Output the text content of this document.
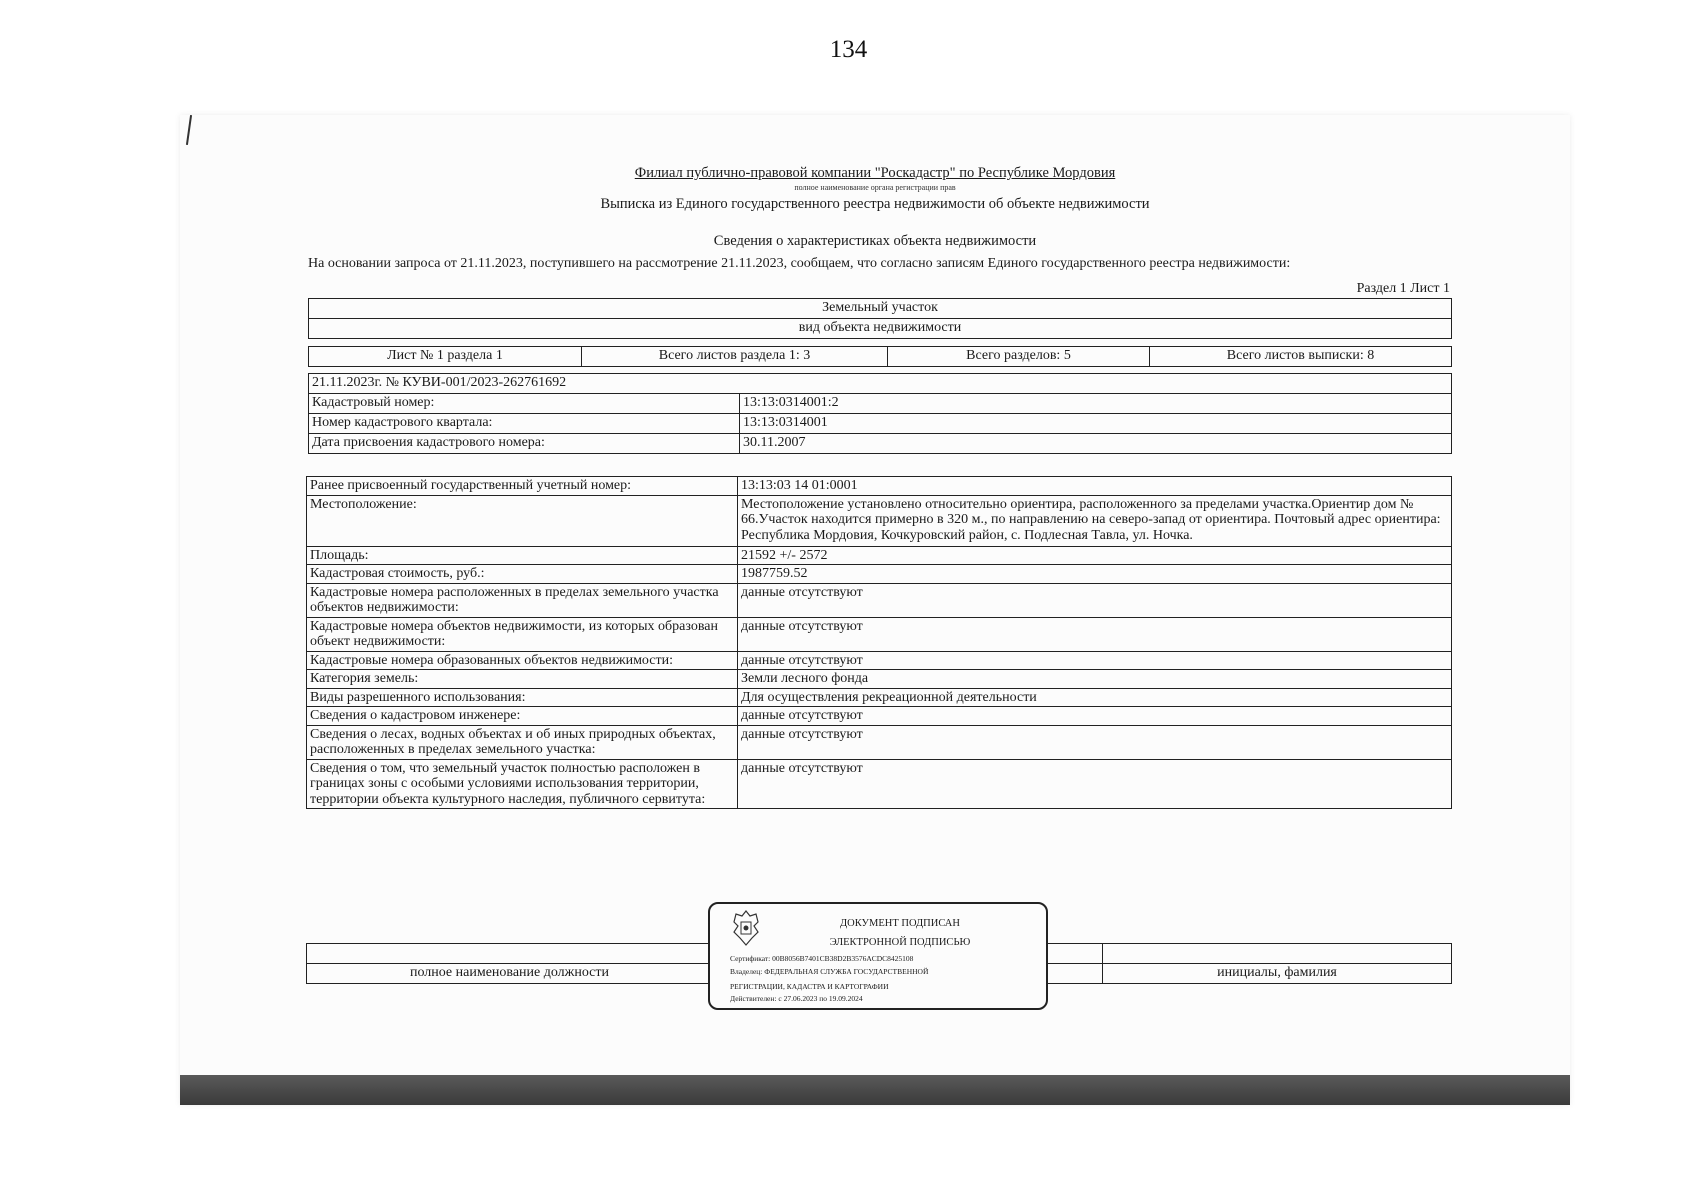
134
Филиал публично-правовой компании "Роскадастр" по Республике Мордовия
полное наименование органа регистрации прав
Выписка из Единого государственного реестра недвижимости об объекте недвижимости
Сведения о характеристиках объекта недвижимости
На основании запроса от 21.11.2023, поступившего на рассмотрение 21.11.2023, сообщаем, что согласно записям Единого государственного реестра недвижимости:
Раздел 1 Лист 1
Земельный участок
вид объекта недвижимости
Лист № 1 раздела 1	Всего листов раздела 1: 3	Всего разделов: 5	Всего листов выписки: 8
21.11.2023г. № КУВИ-001/2023-262761692
Кадастровый номер:	13:13:0314001:2
Номер кадастрового квартала:	13:13:0314001
Дата присвоения кадастрового номера:	30.11.2007
Ранее присвоенный государственный учетный номер:	13:13:03 14 01:0001
Местоположение:	Местоположение установлено относительно ориентира, расположенного за пределами участка.Ориентир дом № 66.Участок находится примерно в 320 м., по направлению на северо-запад от ориентира. Почтовый адрес ориентира: Республика Мордовия, Кочкуровский район, с. Подлесная Тавла, ул. Ночка.
Площадь:	21592 +/- 2572
Кадастровая стоимость, руб.:	1987759.52
Кадастровые номера расположенных в пределах земельного участка объектов недвижимости:
данные отсутствуют
Кадастровые номера объектов недвижимости, из которых образован объект недвижимости:
данные отсутствуют
Кадастровые номера образованных объектов недвижимости:	данные отсутствуют
Категория земель:	Земли лесного фонда
Виды разрешенного использования:	Для осуществления рекреационной деятельности
Сведения о кадастровом инженере:	данные отсутствуют
Сведения о лесах, водных объектах и об иных природных объектах, расположенных в пределах земельного участка:
данные отсутствуют
Сведения о том, что земельный участок полностью расположен в границах зоны с особыми условиями использования территории, территории объекта культурного наследия, публичного сервитута:
данные отсутствуют
полное наименование должности	инициалы, фамилия
ДОКУМЕНТ ПОДПИСАН
ЭЛЕКТРОННОЙ ПОДПИСЬЮ
Сертификат: 00B8056B7401CB38D2B3576ACDC8425108
Владелец: ФЕДЕРАЛЬНАЯ СЛУЖБА ГОСУДАРСТВЕННОЙ
РЕГИСТРАЦИИ, КАДАСТРА И КАРТОГРАФИИ
Действителен: с 27.06.2023 по 19.09.2024
